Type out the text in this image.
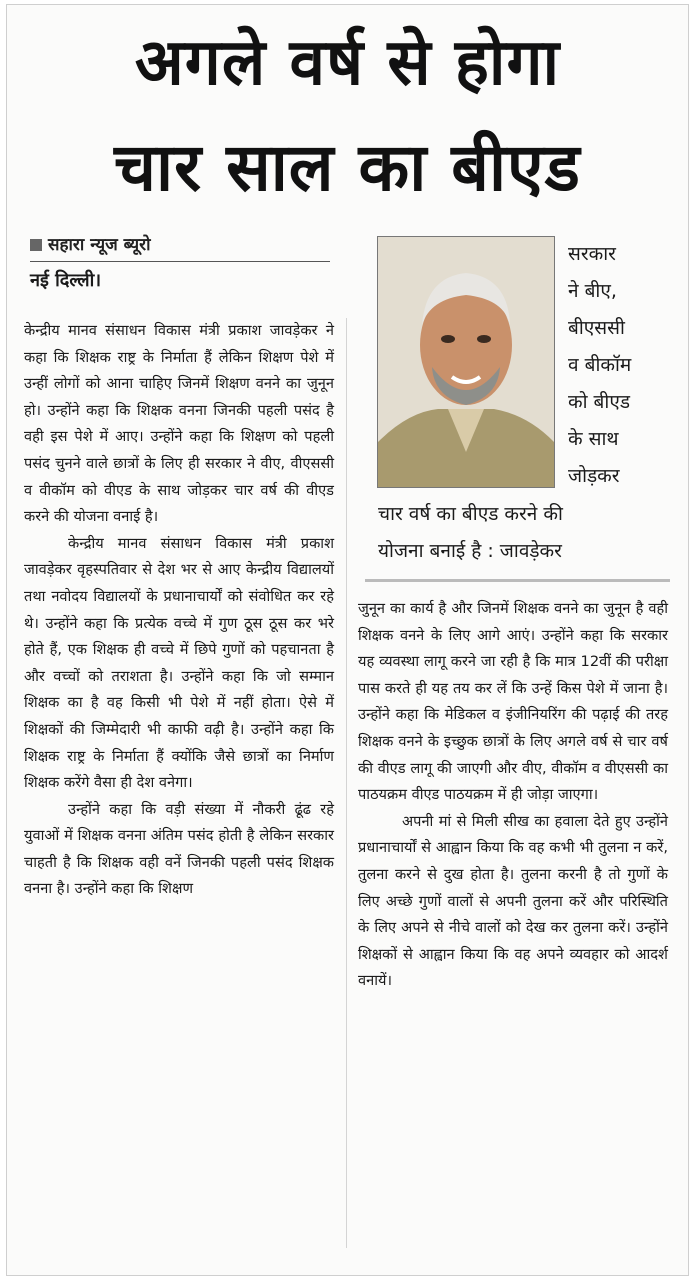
अगले वर्ष से होगा
चार साल का बीएड
सहारा न्यूज ब्यूरो
नई दिल्ली।

केन्द्रीय मानव संसाधन विकास मंत्री प्रकाश जावड़ेकर ने कहा कि शिक्षक राष्ट्र के निर्माता हैं लेकिन शिक्षण पेशे में उन्हीं लोगों को आना चाहिए जिनमें शिक्षण वनने का जुनून हो। उन्होंने कहा कि शिक्षक वनना जिनकी पहली पसंद है वही इस पेशे में आए। उन्होंने कहा कि शिक्षण को पहली पसंद चुनने वाले छात्रों के लिए ही सरकार ने वीए, वीएससी व वीकॉम को वीएड के साथ जोड़कर चार वर्ष की वीएड करने की योजना वनाई है।

केन्द्रीय मानव संसाधन विकास मंत्री प्रकाश जावड़ेकर वृहस्पतिवार से देश भर से आए केन्द्रीय विद्यालयों तथा नवोदय विद्यालयों के प्रधानाचार्यों को संवोधित कर रहे थे। उन्होंने कहा कि प्रत्येक वच्चे में गुण ठूस ठूस कर भरे होते हैं, एक शिक्षक ही वच्चे में छिपे गुणों को पहचानता है और वच्चों को तराशता है। उन्होंने कहा कि जो सम्मान शिक्षक का है वह किसी भी पेशे में नहीं होता। ऐसे में शिक्षकों की जिम्मेदारी भी काफी वढ़ी है। उन्होंने कहा कि शिक्षक राष्ट्र के निर्माता हैं क्योंकि जैसे छात्रों का निर्माण शिक्षक करेंगे वैसा ही देश वनेगा।

उन्होंने कहा कि वड़ी संख्या में नौकरी ढूंढ रहे युवाओं में शिक्षक वनना अंतिम पसंद होती है लेकिन सरकार चाहती है कि शिक्षक वही वनें जिनकी पहली पसंद शिक्षक वनना है। उन्होंने कहा कि शिक्षण

सरकार
ने बीए,
बीएससी
व बीकॉम
को बीएड
के साथ
जोड़कर
चार वर्ष का बीएड करने की
योजना बनाई है : जावड़ेकर

जुनून का कार्य है और जिनमें शिक्षक वनने का जुनून है वही शिक्षक वनने के लिए आगे आएं। उन्होंने कहा कि सरकार यह व्यवस्था लागू करने जा रही है कि मात्र 12वीं की परीक्षा पास करते ही यह तय कर लें कि उन्हें किस पेशे में जाना है। उन्होंने कहा कि मेडिकल व इंजीनियरिंग की पढ़ाई की तरह शिक्षक वनने के इच्छुक छात्रों के लिए अगले वर्ष से चार वर्ष की वीएड लागू की जाएगी और वीए, वीकॉम व वीएससी का पाठयक्रम वीएड पाठयक्रम में ही जोड़ा जाएगा।

अपनी मां से मिली सीख का हवाला देते हुए उन्होंने प्रधानाचार्यों से आह्वान किया कि वह कभी भी तुलना न करें, तुलना करने से दुख होता है। तुलना करनी है तो गुणों के लिए अच्छे गुणों वालों से अपनी तुलना करें और परिस्थिति के लिए अपने से नीचे वालों को देख कर तुलना करें। उन्होंने शिक्षकों से आह्वान किया कि वह अपने व्यवहार को आदर्श वनायें।
